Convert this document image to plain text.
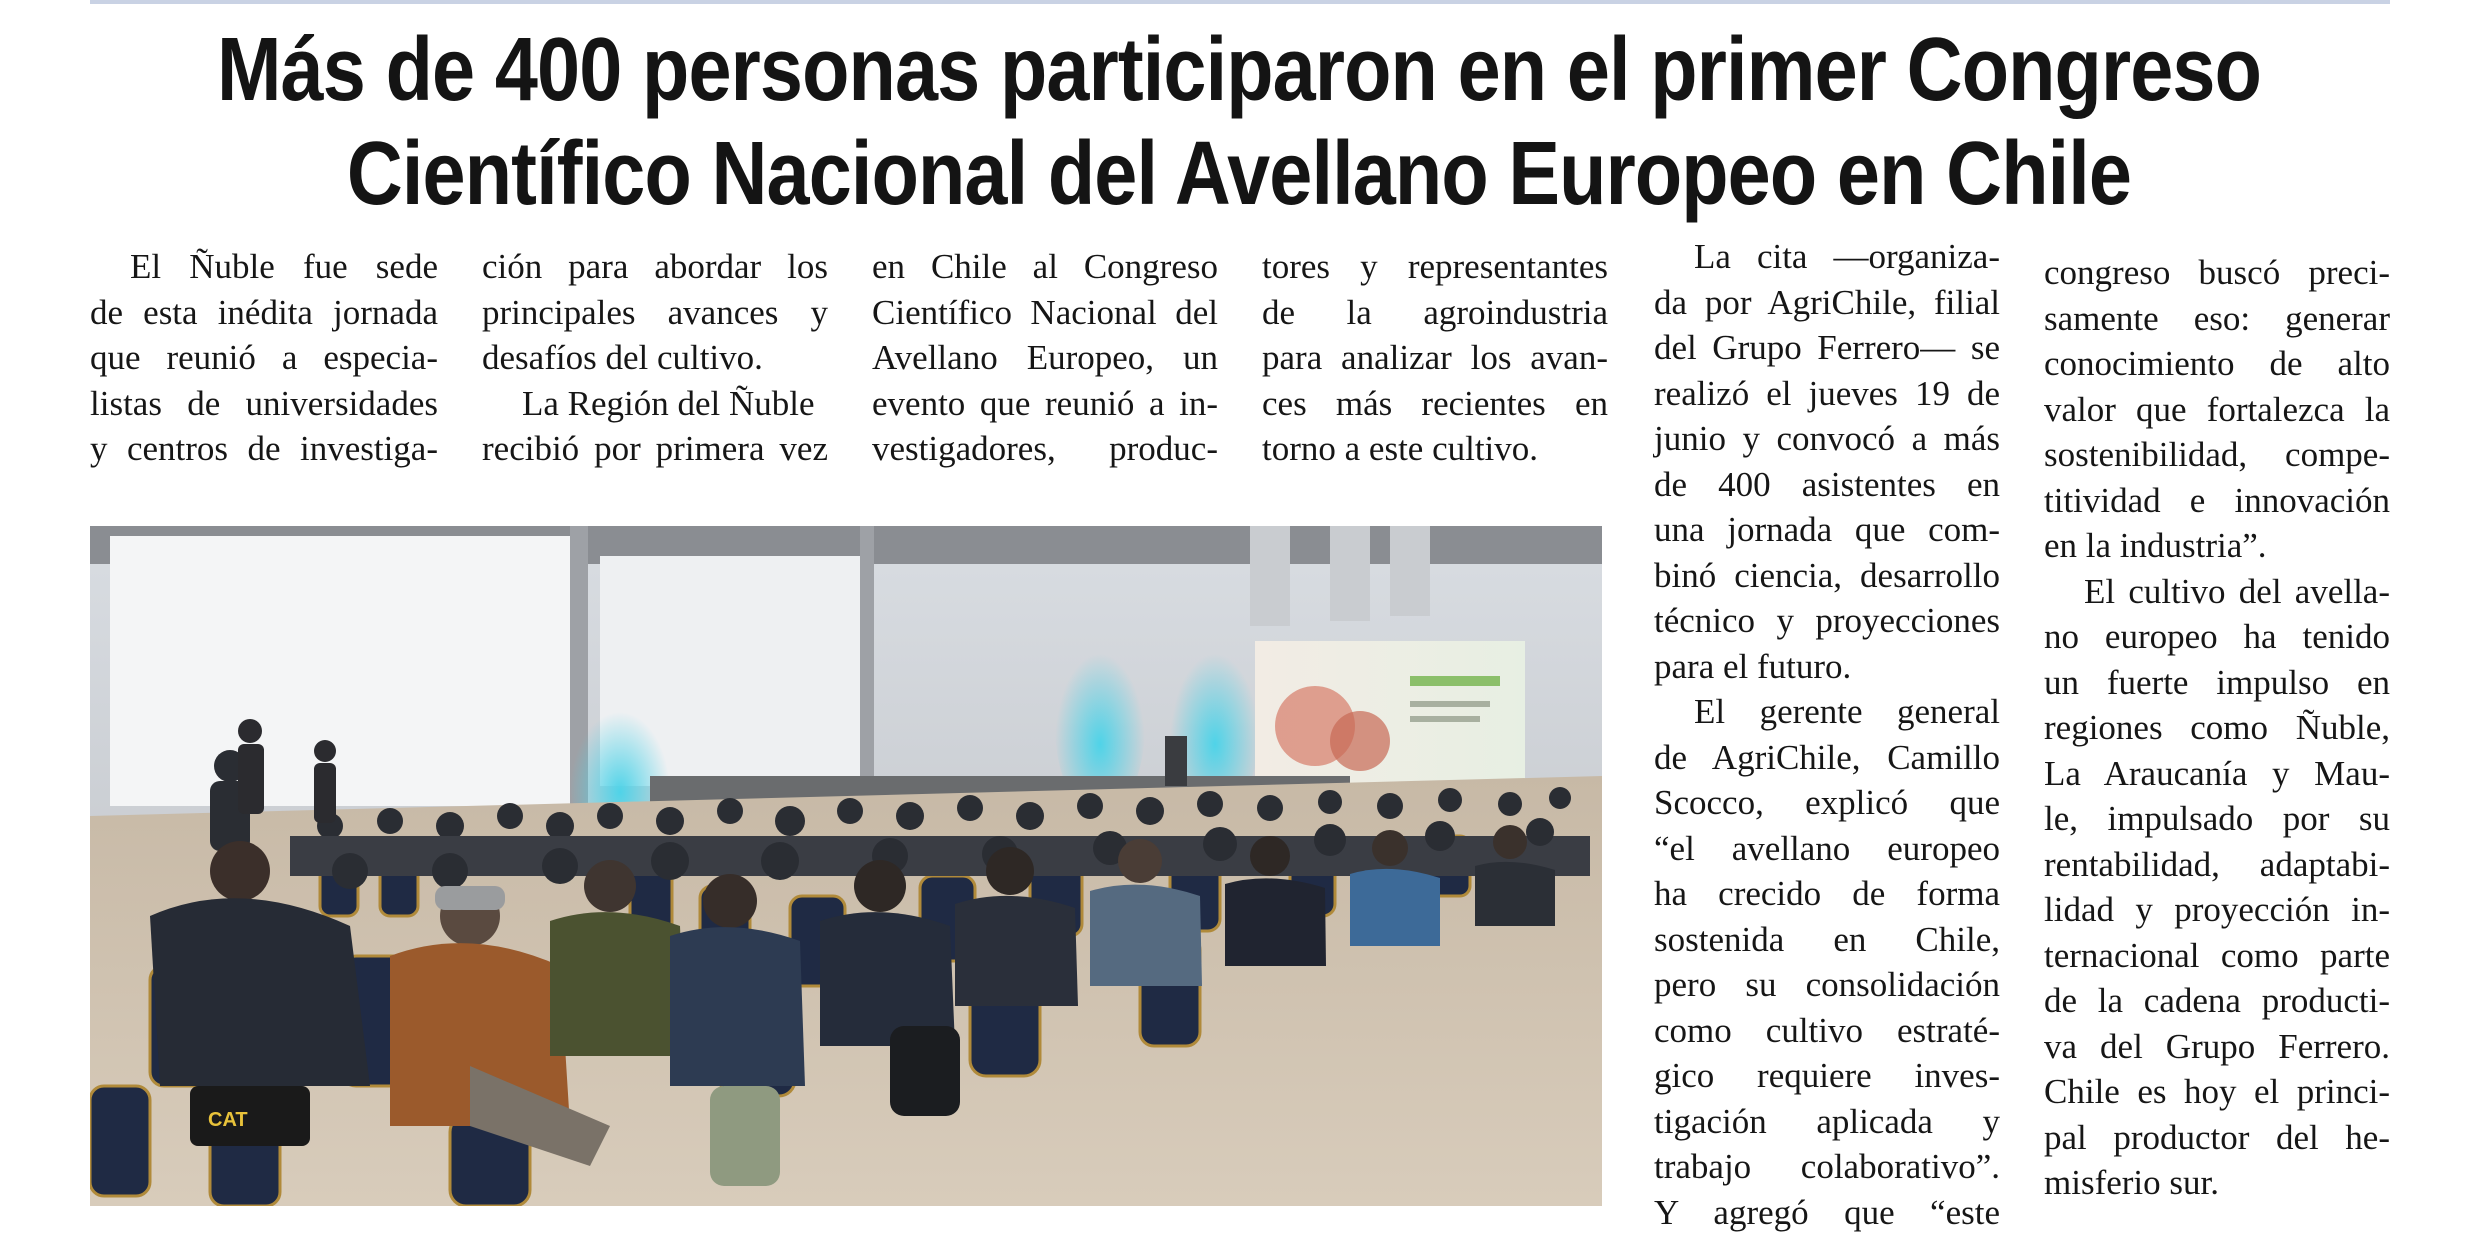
Más de 400 personas participaron en el primer Congreso
Científico Nacional del Avellano Europeo en Chile
El Ñuble fue sede
de esta inédita jornada
que reunió a especia-
listas de universidades
y centros de investiga-
ción para abordar los
principales avances y
desafíos del cultivo.
La Región del Ñuble
recibió por primera vez
en Chile al Congreso
Científico Nacional del
Avellano Europeo, un
evento que reunió a in-
vestigadores, produc-
tores y representantes
de la agroindustria
para analizar los avan-
ces más recientes en
torno a este cultivo.
La cita —organiza-
da por AgriChile, filial
del Grupo Ferrero— se
realizó el jueves 19 de
junio y convocó a más
de 400 asistentes en
una jornada que com-
binó ciencia, desarrollo
técnico y proyecciones
para el futuro.
El gerente general
de AgriChile, Camillo
Scocco, explicó que
“el avellano europeo
ha crecido de forma
sostenida en Chile,
pero su consolidación
como cultivo estraté-
gico requiere inves-
tigación aplicada y
trabajo colaborativo”.
Y agregó que “este
congreso buscó preci-
samente eso: generar
conocimiento de alto
valor que fortalezca la
sostenibilidad, compe-
titividad e innovación
en la industria”.
El cultivo del avella-
no europeo ha tenido
un fuerte impulso en
regiones como Ñuble,
La Araucanía y Mau-
le, impulsado por su
rentabilidad, adaptabi-
lidad y proyección in-
ternacional como parte
de la cadena producti-
va del Grupo Ferrero.
Chile es hoy el princi-
pal productor del he-
misferio sur.
CAT
